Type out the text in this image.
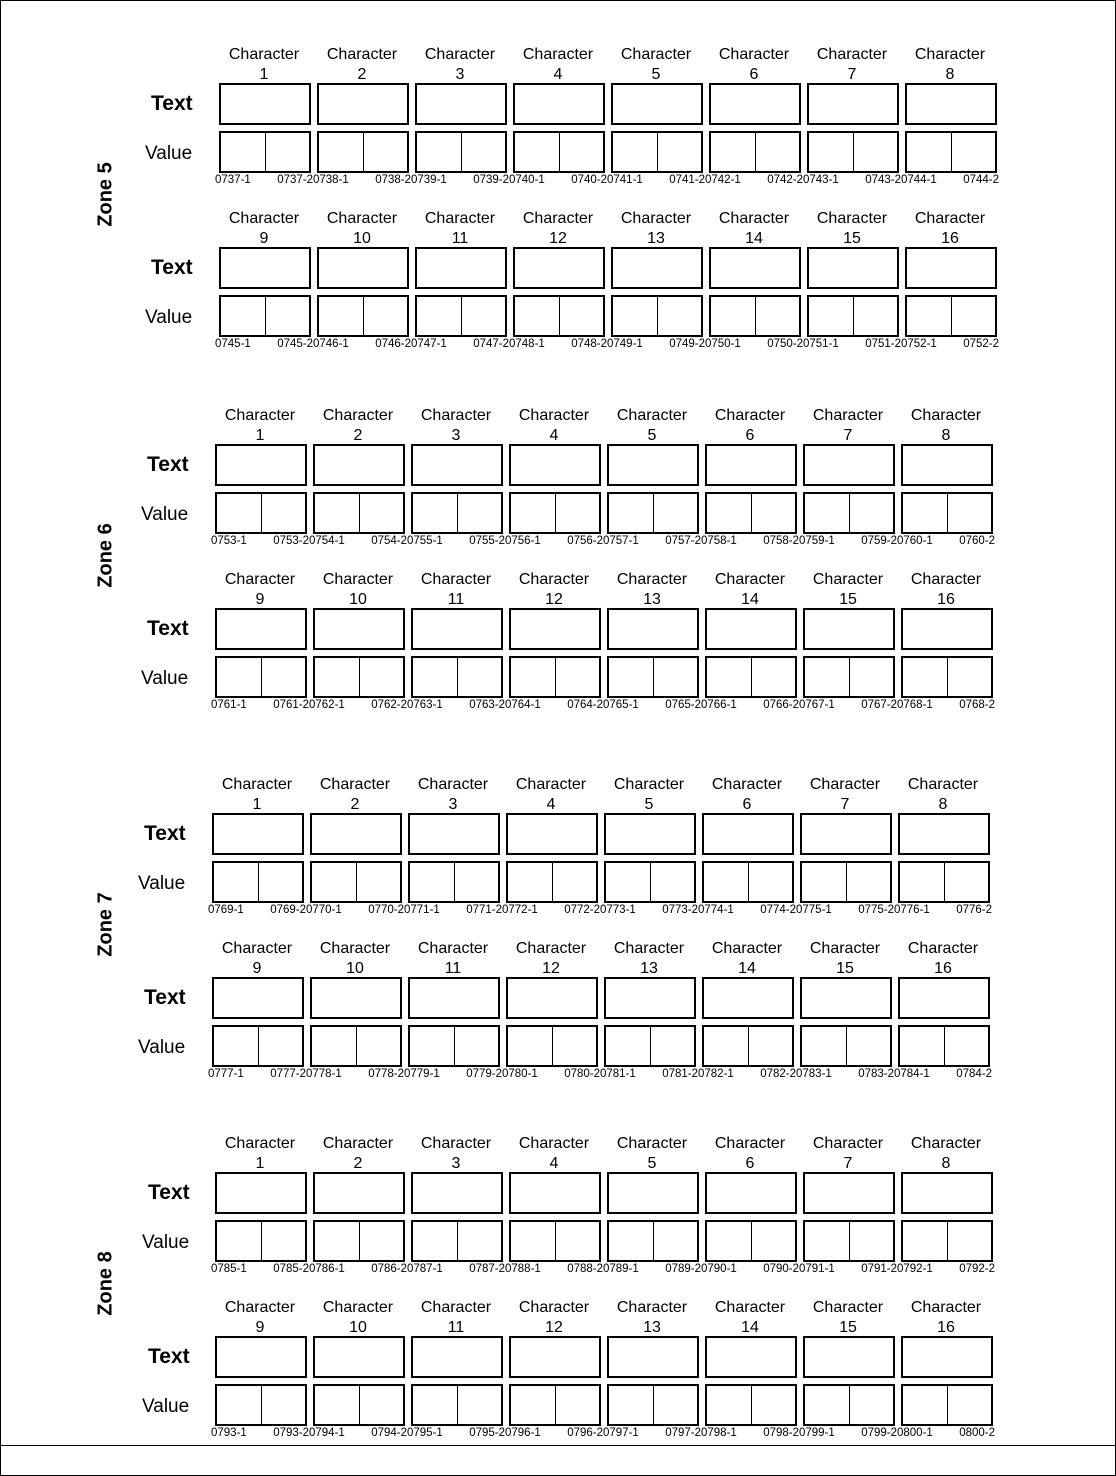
Zone 5
Text
Value
Character
1
0737-1 0737-2
Character
2
0738-1 0738-2
Character
3
0739-1 0739-2
Character
4
0740-1 0740-2
Character
5
0741-1 0741-2
Character
6
0742-1 0742-2
Character
7
0743-1 0743-2
Character
8
0744-1 0744-2
Text
Value
Character
9
0745-1 0745-2
Character
10
0746-1 0746-2
Character
11
0747-1 0747-2
Character
12
0748-1 0748-2
Character
13
0749-1 0749-2
Character
14
0750-1 0750-2
Character
15
0751-1 0751-2
Character
16
0752-1 0752-2
Zone 6
Text
Value
Character
1
0753-1 0753-2
Character
2
0754-1 0754-2
Character
3
0755-1 0755-2
Character
4
0756-1 0756-2
Character
5
0757-1 0757-2
Character
6
0758-1 0758-2
Character
7
0759-1 0759-2
Character
8
0760-1 0760-2
Text
Value
Character
9
0761-1 0761-2
Character
10
0762-1 0762-2
Character
11
0763-1 0763-2
Character
12
0764-1 0764-2
Character
13
0765-1 0765-2
Character
14
0766-1 0766-2
Character
15
0767-1 0767-2
Character
16
0768-1 0768-2
Zone 7
Text
Value
Character
1
0769-1 0769-2
Character
2
0770-1 0770-2
Character
3
0771-1 0771-2
Character
4
0772-1 0772-2
Character
5
0773-1 0773-2
Character
6
0774-1 0774-2
Character
7
0775-1 0775-2
Character
8
0776-1 0776-2
Text
Value
Character
9
0777-1 0777-2
Character
10
0778-1 0778-2
Character
11
0779-1 0779-2
Character
12
0780-1 0780-2
Character
13
0781-1 0781-2
Character
14
0782-1 0782-2
Character
15
0783-1 0783-2
Character
16
0784-1 0784-2
Zone 8
Text
Value
Character
1
0785-1 0785-2
Character
2
0786-1 0786-2
Character
3
0787-1 0787-2
Character
4
0788-1 0788-2
Character
5
0789-1 0789-2
Character
6
0790-1 0790-2
Character
7
0791-1 0791-2
Character
8
0792-1 0792-2
Text
Value
Character
9
0793-1 0793-2
Character
10
0794-1 0794-2
Character
11
0795-1 0795-2
Character
12
0796-1 0796-2
Character
13
0797-1 0797-2
Character
14
0798-1 0798-2
Character
15
0799-1 0799-2
Character
16
0800-1 0800-2
